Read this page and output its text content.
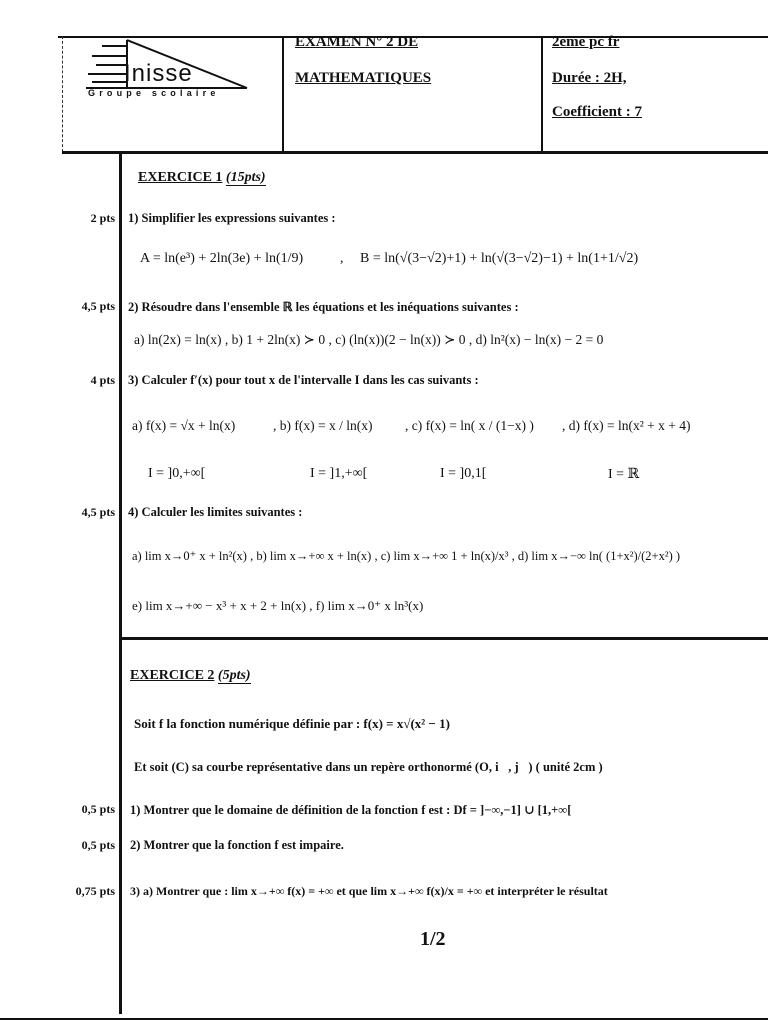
Inisse
Groupe scolaire
EXAMEN N° 2 DE
MATHEMATIQUES
2eme pc fr
Durée : 2H,
Coefficient : 7
EXERCICE 1 (15pts)
2 pts 1) Simplifier les expressions suivantes :
A = ln(e³) + 2ln(3e) + ln(1/9)	, B = ln(√(3−√2)+1) + ln(√(3−√2)−1) + ln(1+1/√2)
4,5 pts 2) Résoudre dans l'ensemble ℝ les équations et les inéquations suivantes :
a) ln(2x) = ln(x) , b) 1 + 2ln(x) ≻ 0 , c) (ln(x))(2 − ln(x)) ≻ 0 , d) ln²(x) − ln(x) − 2 = 0
4 pts 3) Calculer f′(x) pour tout x de l'intervalle I dans les cas suivants :
a) f(x) = √x + ln(x)	, b) f(x) = x / ln(x) , c) f(x) = ln( x / (1−x) ) , d) f(x) = ln(x² + x + 4)
I = ]0,+∞[	I = ]1,+∞[	I = ]0,1[	I = ℝ
4,5 pts 4) Calculer les limites suivantes :
a) lim x→0⁺ x + ln²(x) , b) lim x→+∞ x + ln(x) , c) lim x→+∞ 1 + ln(x)/x³ , d) lim x→−∞ ln( (1+x²)/(2+x²) )
e) lim x→+∞ − x³ + x + 2 + ln(x) , f) lim x→0⁺ x ln³(x)
EXERCICE 2 (5pts)
Soit f la fonction numérique définie par : f(x) = x√(x² − 1)
Et soit (C) sa courbe représentative dans un repère orthonormé (O, i⃗, j⃗) ( unité 2cm )
0,5 pts 1) Montrer que le domaine de définition de la fonction f est : Df = ]−∞,−1] ∪ [1,+∞[
0,5 pts 2) Montrer que la fonction f est impaire.
0,75 pts 3) a) Montrer que : lim x→+∞ f(x) = +∞ et que lim x→+∞ f(x)/x = +∞ et interpréter le résultat
1/2
